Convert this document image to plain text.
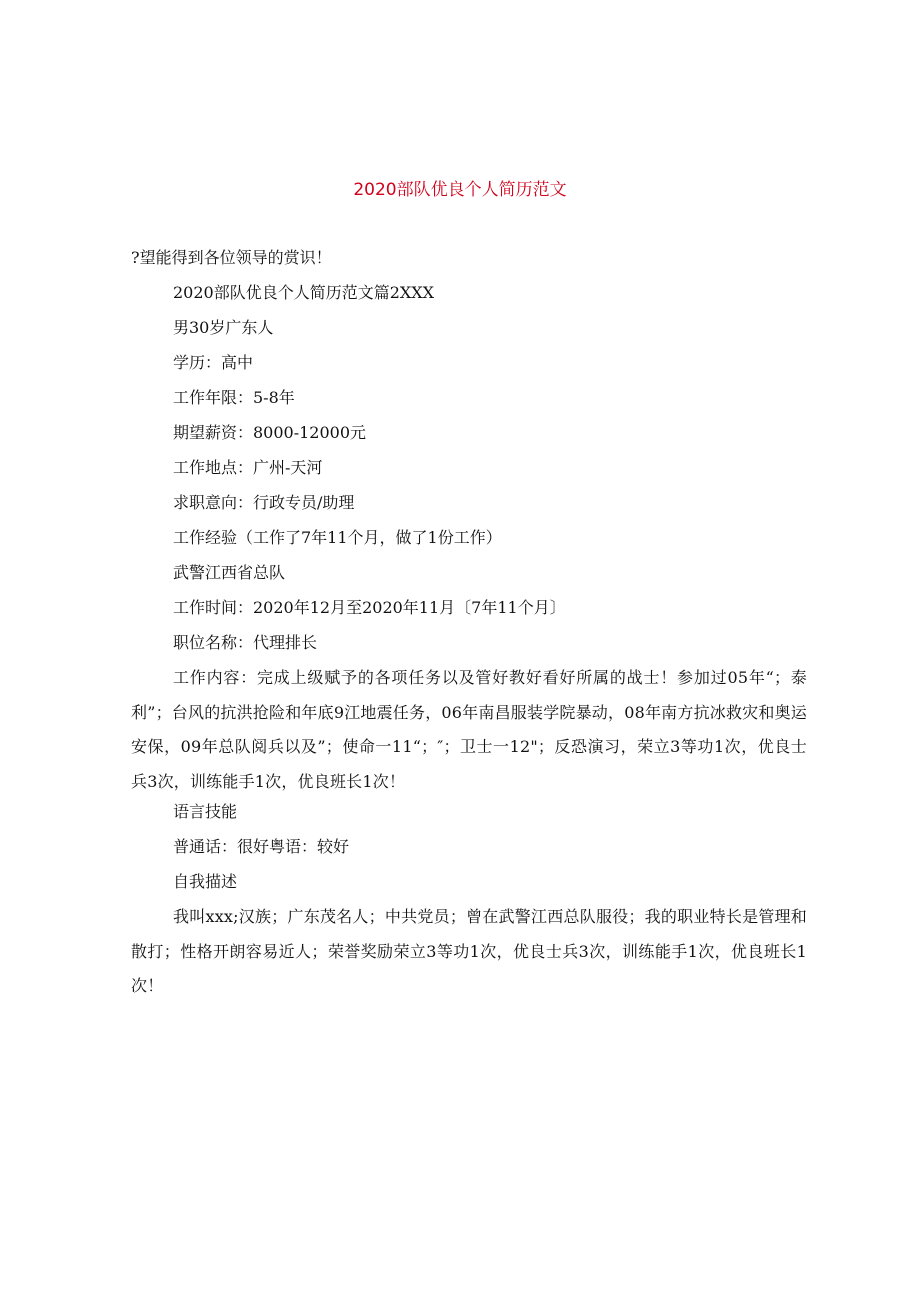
2020部队优良个人简历范文
?望能得到各位领导的赏识！
2020部队优良个人简历范文篇2XXX
男30岁广东人
学历：高中
工作年限：5-8年
期望薪资：8000-12000元
工作地点：广州-天河
求职意向：行政专员/助理
工作经验（工作了7年11个月，做了1份工作）
武警江西省总队
工作时间：2020年12月至2020年11月〔7年11个月〕
职位名称：代理排长
工作内容：完成上级赋予的各项任务以及管好教好看好所属的战士！参加过05年“；泰利”；台风的抗洪抢险和年底9江地震任务，06年南昌服装学院暴动，08年南方抗冰救灾和奥运安保，09年总队阅兵以及”；使命一11“；″；卫士一12"；反恐演习，荣立3等功1次，优良士兵3次，训练能手1次，优良班长1次！
语言技能
普通话：很好粤语：较好
自我描述
我叫xxx;汉族；广东茂名人；中共党员；曾在武警江西总队服役；我的职业特长是管理和散打；性格开朗容易近人；荣誉奖励荣立3等功1次，优良士兵3次，训练能手1次，优良班长1次！
